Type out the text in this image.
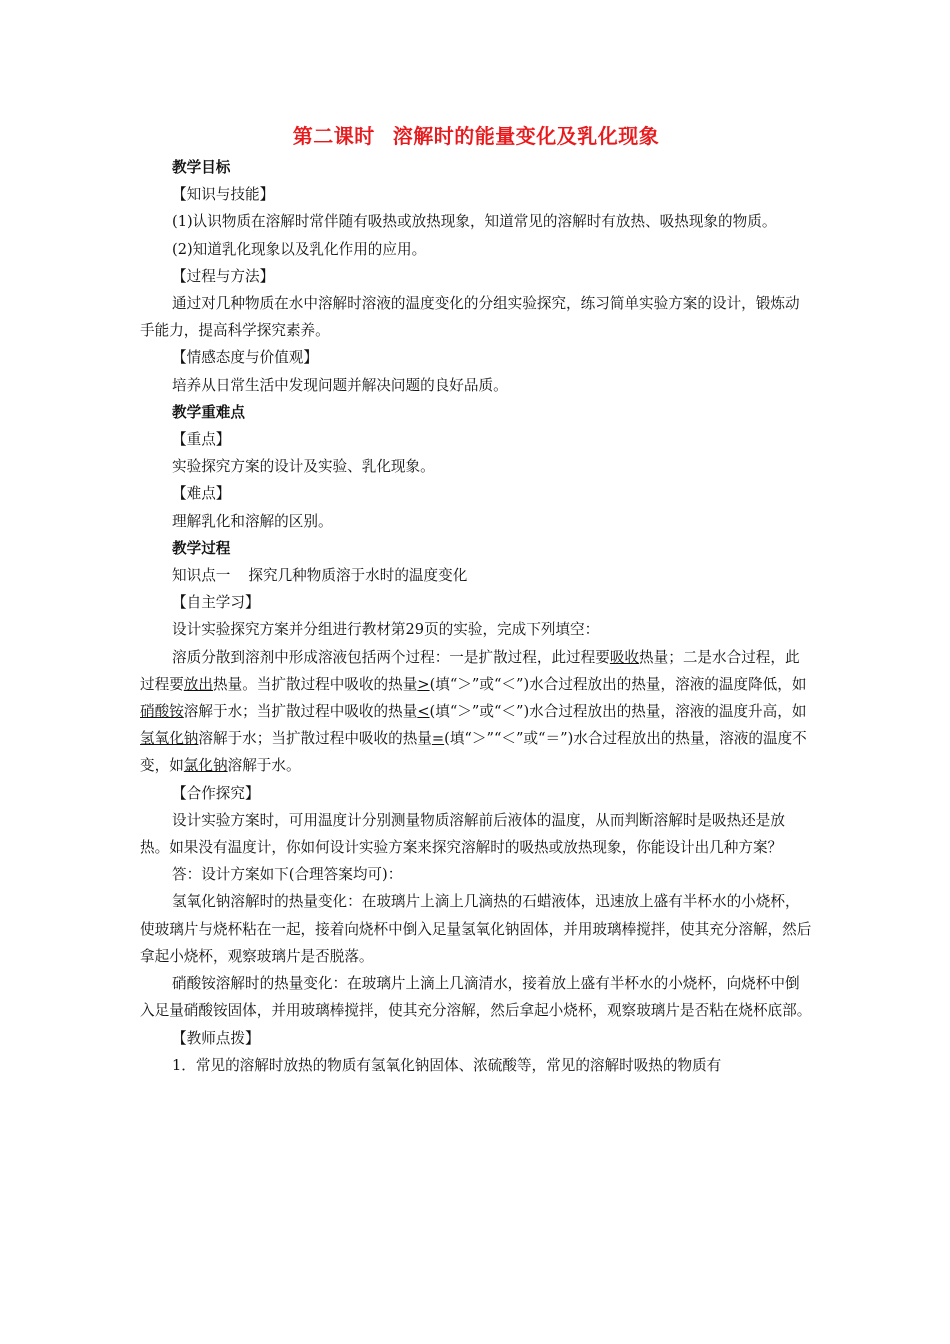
第二课时 溶解时的能量变化及乳化现象

教学目标

【知识与技能】

(1)认识物质在溶解时常伴随有吸热或放热现象，知道常见的溶解时有放热、吸热现象的物质。

(2)知道乳化现象以及乳化作用的应用。

【过程与方法】

通过对几种物质在水中溶解时溶液的温度变化的分组实验探究，练习简单实验方案的设计，锻炼动手能力，提高科学探究素养。

【情感态度与价值观】

培养从日常生活中发现问题并解决问题的良好品质。

教学重难点

【重点】

实验探究方案的设计及实验、乳化现象。

【难点】

理解乳化和溶解的区别。

教学过程

知识点一 探究几种物质溶于水时的温度变化

【自主学习】

设计实验探究方案并分组进行教材第29页的实验，完成下列填空：

溶质分散到溶剂中形成溶液包括两个过程：一是扩散过程，此过程要吸收热量；二是水合过程，此过程要放出热量。当扩散过程中吸收的热量>(填“＞”或“＜”)水合过程放出的热量，溶液的温度降低，如硝酸铵溶解于水；当扩散过程中吸收的热量<(填“＞”或“＜”)水合过程放出的热量，溶液的温度升高，如氢氧化钠溶解于水；当扩散过程中吸收的热量=(填“＞”“＜”或“＝”)水合过程放出的热量，溶液的温度不变，如氯化钠溶解于水。

【合作探究】

设计实验方案时，可用温度计分别测量物质溶解前后液体的温度，从而判断溶解时是吸热还是放热。如果没有温度计，你如何设计实验方案来探究溶解时的吸热或放热现象，你能设计出几种方案？

答：设计方案如下(合理答案均可)：

氢氧化钠溶解时的热量变化：在玻璃片上滴上几滴热的石蜡液体，迅速放上盛有半杯水的小烧杯，使玻璃片与烧杯粘在一起，接着向烧杯中倒入足量氢氧化钠固体，并用玻璃棒搅拌，使其充分溶解，然后拿起小烧杯，观察玻璃片是否脱落。

硝酸铵溶解时的热量变化：在玻璃片上滴上几滴清水，接着放上盛有半杯水的小烧杯，向烧杯中倒入足量硝酸铵固体，并用玻璃棒搅拌，使其充分溶解，然后拿起小烧杯，观察玻璃片是否粘在烧杯底部。

【教师点拨】

1．常见的溶解时放热的物质有氢氧化钠固体、浓硫酸等，常见的溶解时吸热的物质有
